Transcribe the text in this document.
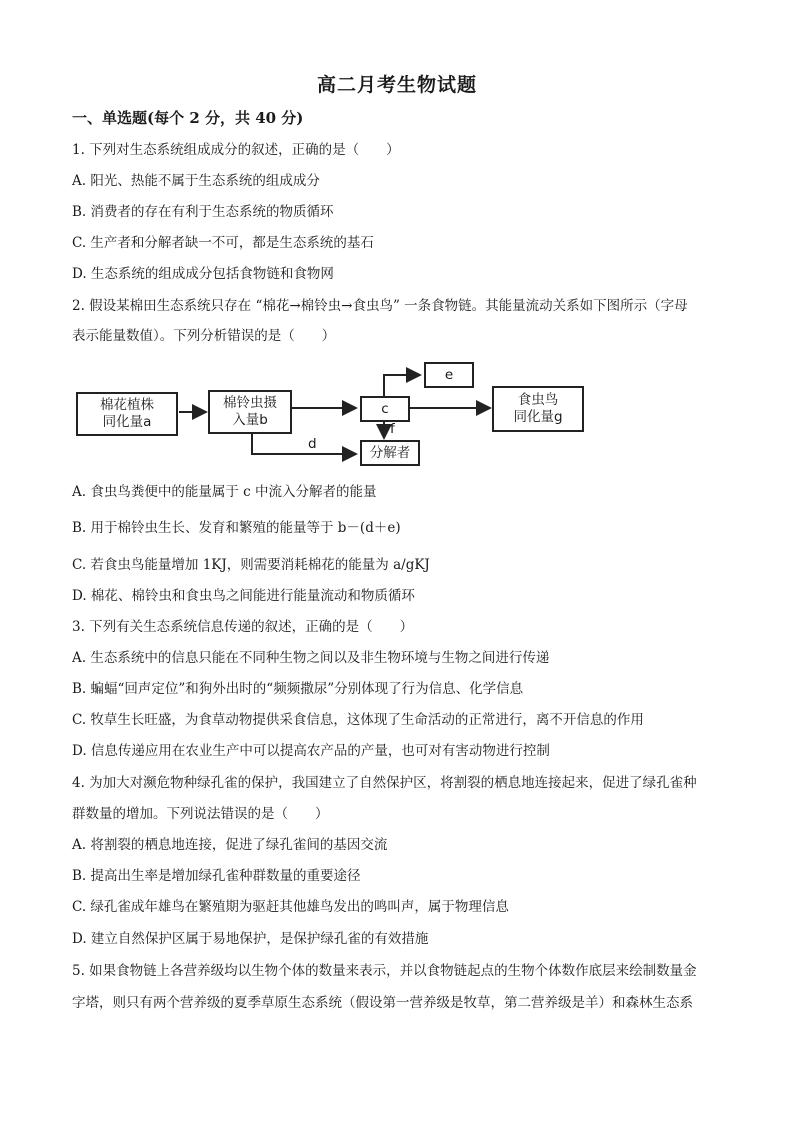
高二月考生物试题
一、单选题(每个 2 分，共 40 分)
1. 下列对生态系统组成成分的叙述，正确的是（　　）
A. 阳光、热能不属于生态系统的组成成分
B. 消费者的存在有利于生态系统的物质循环
C. 生产者和分解者缺一不可，都是生态系统的基石
D. 生态系统的组成成分包括食物链和食物网
2. 假设某棉田生态系统只存在 “棉花→棉铃虫→食虫鸟” 一条食物链。其能量流动关系如下图所示（字母
表示能量数值）。下列分析错误的是（　　）
棉花植株
同化量a
棉铃虫摄
入量b
c
e
食虫鸟
同化量g
分解者
d
f
A. 食虫鸟粪便中的能量属于 c 中流入分解者的能量
B. 用于棉铃虫生长、发育和繁殖的能量等于 b－(d＋e)
C. 若食虫鸟能量增加 1KJ，则需要消耗棉花的能量为 a/gKJ
D. 棉花、棉铃虫和食虫鸟之间能进行能量流动和物质循环
3. 下列有关生态系统信息传递的叙述，正确的是（　　）
A. 生态系统中的信息只能在不同种生物之间以及非生物环境与生物之间进行传递
B. 蝙蝠“回声定位”和狗外出时的“频频撒尿”分别体现了行为信息、化学信息
C. 牧草生长旺盛，为食草动物提供采食信息，这体现了生命活动的正常进行，离不开信息的作用
D. 信息传递应用在农业生产中可以提高农产品的产量，也可对有害动物进行控制
4. 为加大对濒危物种绿孔雀的保护，我国建立了自然保护区，将割裂的栖息地连接起来，促进了绿孔雀种
群数量的增加。下列说法错误的是（　　）
A. 将割裂的栖息地连接，促进了绿孔雀间的基因交流
B. 提高出生率是增加绿孔雀种群数量的重要途径
C. 绿孔雀成年雄鸟在繁殖期为驱赶其他雄鸟发出的鸣叫声，属于物理信息
D. 建立自然保护区属于易地保护，是保护绿孔雀的有效措施
5. 如果食物链上各营养级均以生物个体的数量来表示，并以食物链起点的生物个体数作底层来绘制数量金
字塔，则只有两个营养级的夏季草原生态系统（假设第一营养级是牧草，第二营养级是羊）和森林生态系
